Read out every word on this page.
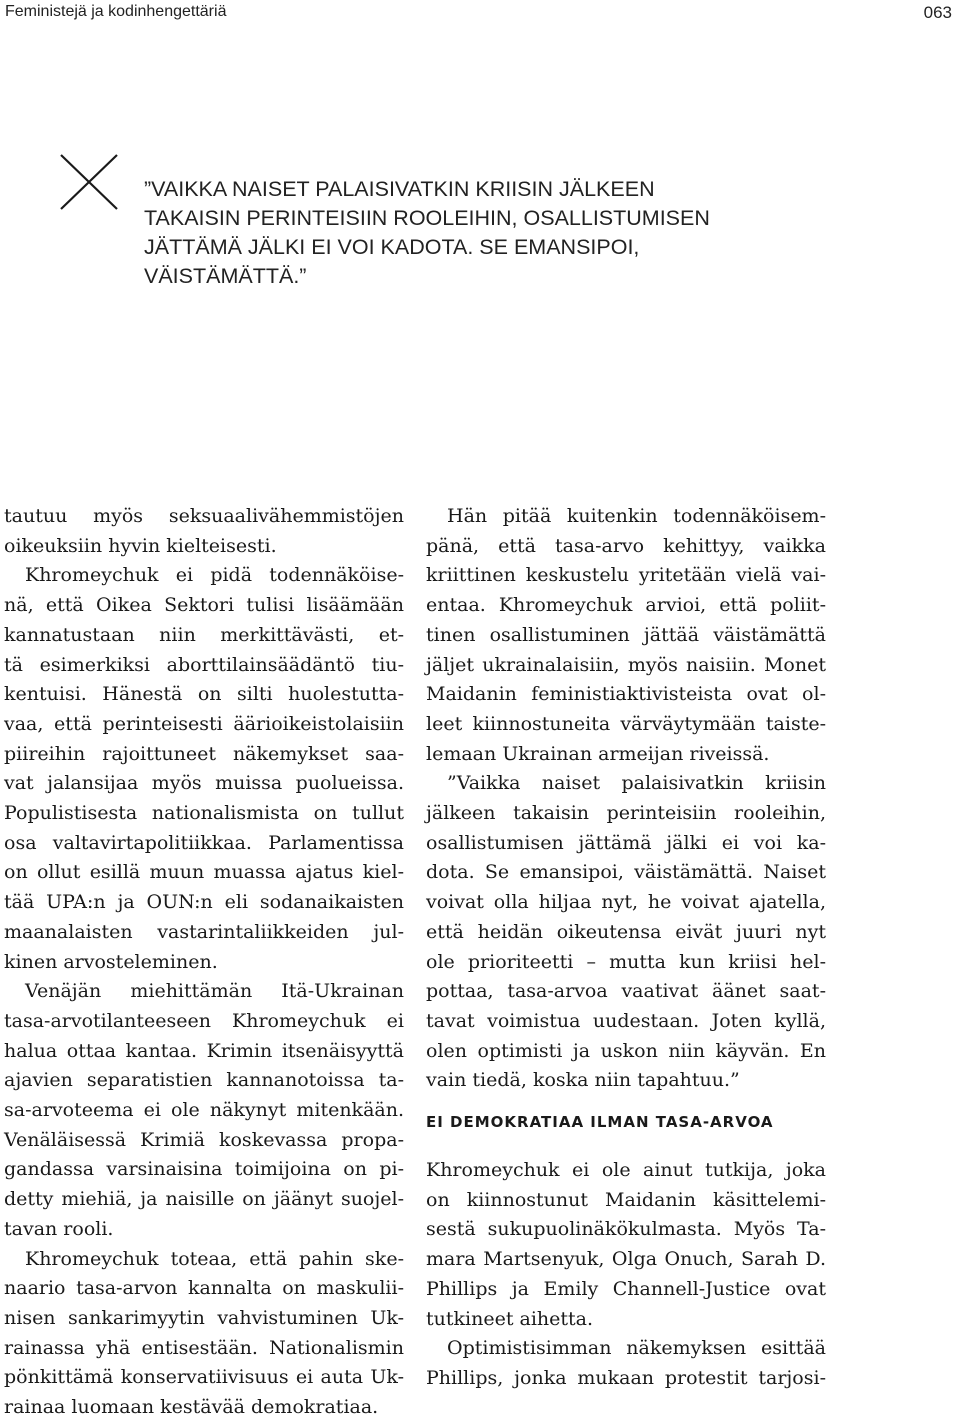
Feministejä ja kodinhengettäriä	063
”VAIKKA NAISET PALAISIVATKIN KRIISIN JÄLKEEN
TAKAISIN PERINTEISIIN ROOLEIHIN, OSALLISTUMISEN
JÄTTÄMÄ JÄLKI EI VOI KADOTA. SE EMANSIPOI,
VÄISTÄMÄTTÄ.”
tautuu myös seksuaalivähemmistöjen
oikeuksiin hyvin kielteisesti.
Khromeychuk ei pidä todennäköise-
nä, että Oikea Sektori tulisi lisäämään
kannatustaan niin merkittävästi, et-
tä esimerkiksi aborttilainsäädäntö tiu-
kentuisi. Hänestä on silti huolestutta-
vaa, että perinteisesti äärioikeistolaisiin
piireihin rajoittuneet näkemykset saa-
vat jalansijaa myös muissa puolueissa.
Populistisesta nationalismista on tullut
osa valtavirtapolitiikkaa. Parlamentissa
on ollut esillä muun muassa ajatus kiel-
tää UPA:n ja OUN:n eli sodanaikaisten
maanalaisten vastarintaliikkeiden jul-
kinen arvosteleminen.
Venäjän miehittämän Itä-Ukrainan
tasa-arvotilanteeseen Khromeychuk ei
halua ottaa kantaa. Krimin itsenäisyyttä
ajavien separatistien kannanotoissa ta-
sa-arvoteema ei ole näkynyt mitenkään.
Venäläisessä Krimiä koskevassa propa-
gandassa varsinaisina toimijoina on pi-
detty miehiä, ja naisille on jäänyt suojel-
tavan rooli.
Khromeychuk toteaa, että pahin ske-
naario tasa-arvon kannalta on maskulii-
nisen sankarimyytin vahvistuminen Uk-
rainassa yhä entisestään. Nationalismin
pönkittämä konservatiivisuus ei auta Uk-
rainaa luomaan kestävää demokratiaa.
Hän pitää kuitenkin todennäköisem-
pänä, että tasa-arvo kehittyy, vaikka
kriittinen keskustelu yritetään vielä vai-
entaa. Khromeychuk arvioi, että poliit-
tinen osallistuminen jättää väistämättä
jäljet ukrainalaisiin, myös naisiin. Monet
Maidanin feministiaktivisteista ovat ol-
leet kiinnostuneita värväytymään taiste-
lemaan Ukrainan armeijan riveissä.
”Vaikka naiset palaisivatkin kriisin
jälkeen takaisin perinteisiin rooleihin,
osallistumisen jättämä jälki ei voi ka-
dota. Se emansipoi, väistämättä. Naiset
voivat olla hiljaa nyt, he voivat ajatella,
että heidän oikeutensa eivät juuri nyt
ole prioriteetti – mutta kun kriisi hel-
pottaa, tasa-arvoa vaativat äänet saat-
tavat voimistua uudestaan. Joten kyllä,
olen optimisti ja uskon niin käyvän. En
vain tiedä, koska niin tapahtuu.”
EI DEMOKRATIAA ILMAN TASA-ARVOA
Khromeychuk ei ole ainut tutkija, joka
on kiinnostunut Maidanin käsittelemi-
sestä sukupuolinäkökulmasta. Myös Ta-
mara Martsenyuk, Olga Onuch, Sarah D.
Phillips ja Emily Channell-Justice ovat
tutkineet aihetta.
Optimistisimman näkemyksen esittää
Phillips, jonka mukaan protestit tarjosi-
